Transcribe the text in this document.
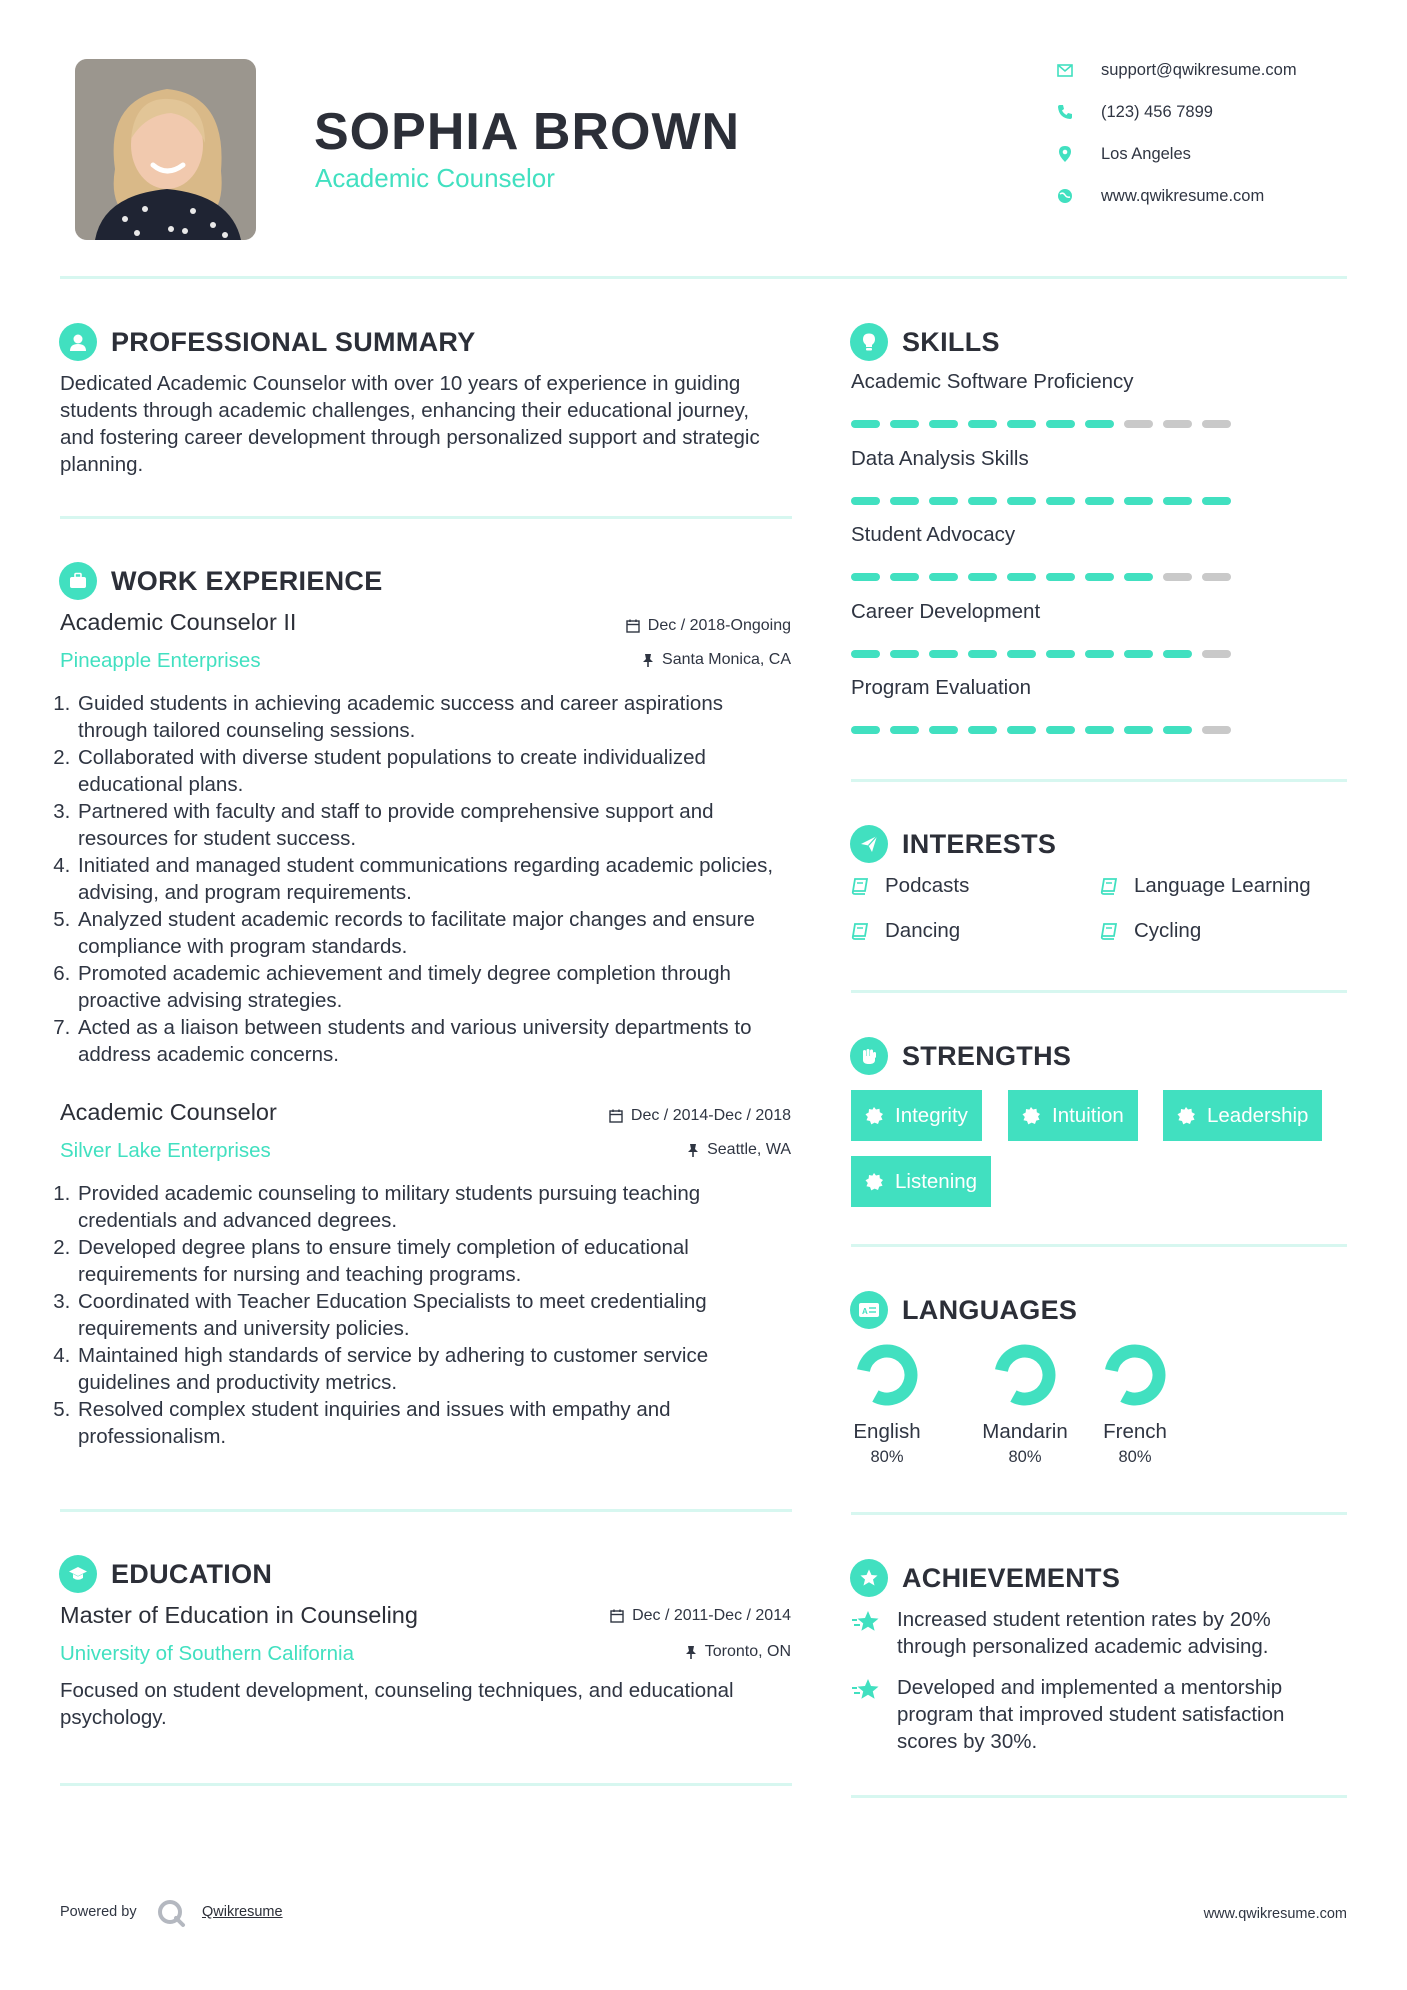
SOPHIA BROWN
Academic Counselor
support@qwikresume.com
(123) 456 7899
Los Angeles
www.qwikresume.com
PROFESSIONAL SUMMARY
Dedicated Academic Counselor with over 10 years of experience in guiding students through academic challenges, enhancing their educational journey, and fostering career development through personalized support and strategic planning.
WORK EXPERIENCE
Academic Counselor II	Dec / 2018-Ongoing
Pineapple Enterprises	Santa Monica, CA
1. Guided students in achieving academic success and career aspirations through tailored counseling sessions.
2. Collaborated with diverse student populations to create individualized educational plans.
3. Partnered with faculty and staff to provide comprehensive support and resources for student success.
4. Initiated and managed student communications regarding academic policies, advising, and program requirements.
5. Analyzed student academic records to facilitate major changes and ensure compliance with program standards.
6. Promoted academic achievement and timely degree completion through proactive advising strategies.
7. Acted as a liaison between students and various university departments to address academic concerns.
Academic Counselor	Dec / 2014-Dec / 2018
Silver Lake Enterprises	Seattle, WA
1. Provided academic counseling to military students pursuing teaching credentials and advanced degrees.
2. Developed degree plans to ensure timely completion of educational requirements for nursing and teaching programs.
3. Coordinated with Teacher Education Specialists to meet credentialing requirements and university policies.
4. Maintained high standards of service by adhering to customer service guidelines and productivity metrics.
5. Resolved complex student inquiries and issues with empathy and professionalism.
EDUCATION
Master of Education in Counseling	Dec / 2011-Dec / 2014
University of Southern California	Toronto, ON
Focused on student development, counseling techniques, and educational psychology.
SKILLS
Academic Software Proficiency
Data Analysis Skills
Student Advocacy
Career Development
Program Evaluation
INTERESTS
Podcasts	Language Learning
Dancing	Cycling
STRENGTHS
Integrity	Intuition	Leadership
Listening
A LANGUAGES
English
80%
Mandarin
80%
French
80%
ACHIEVEMENTS
Increased student retention rates by 20% through personalized academic advising.
Developed and implemented a mentorship program that improved student satisfaction scores by 30%.
Powered by	Qwikresume	www.qwikresume.com
